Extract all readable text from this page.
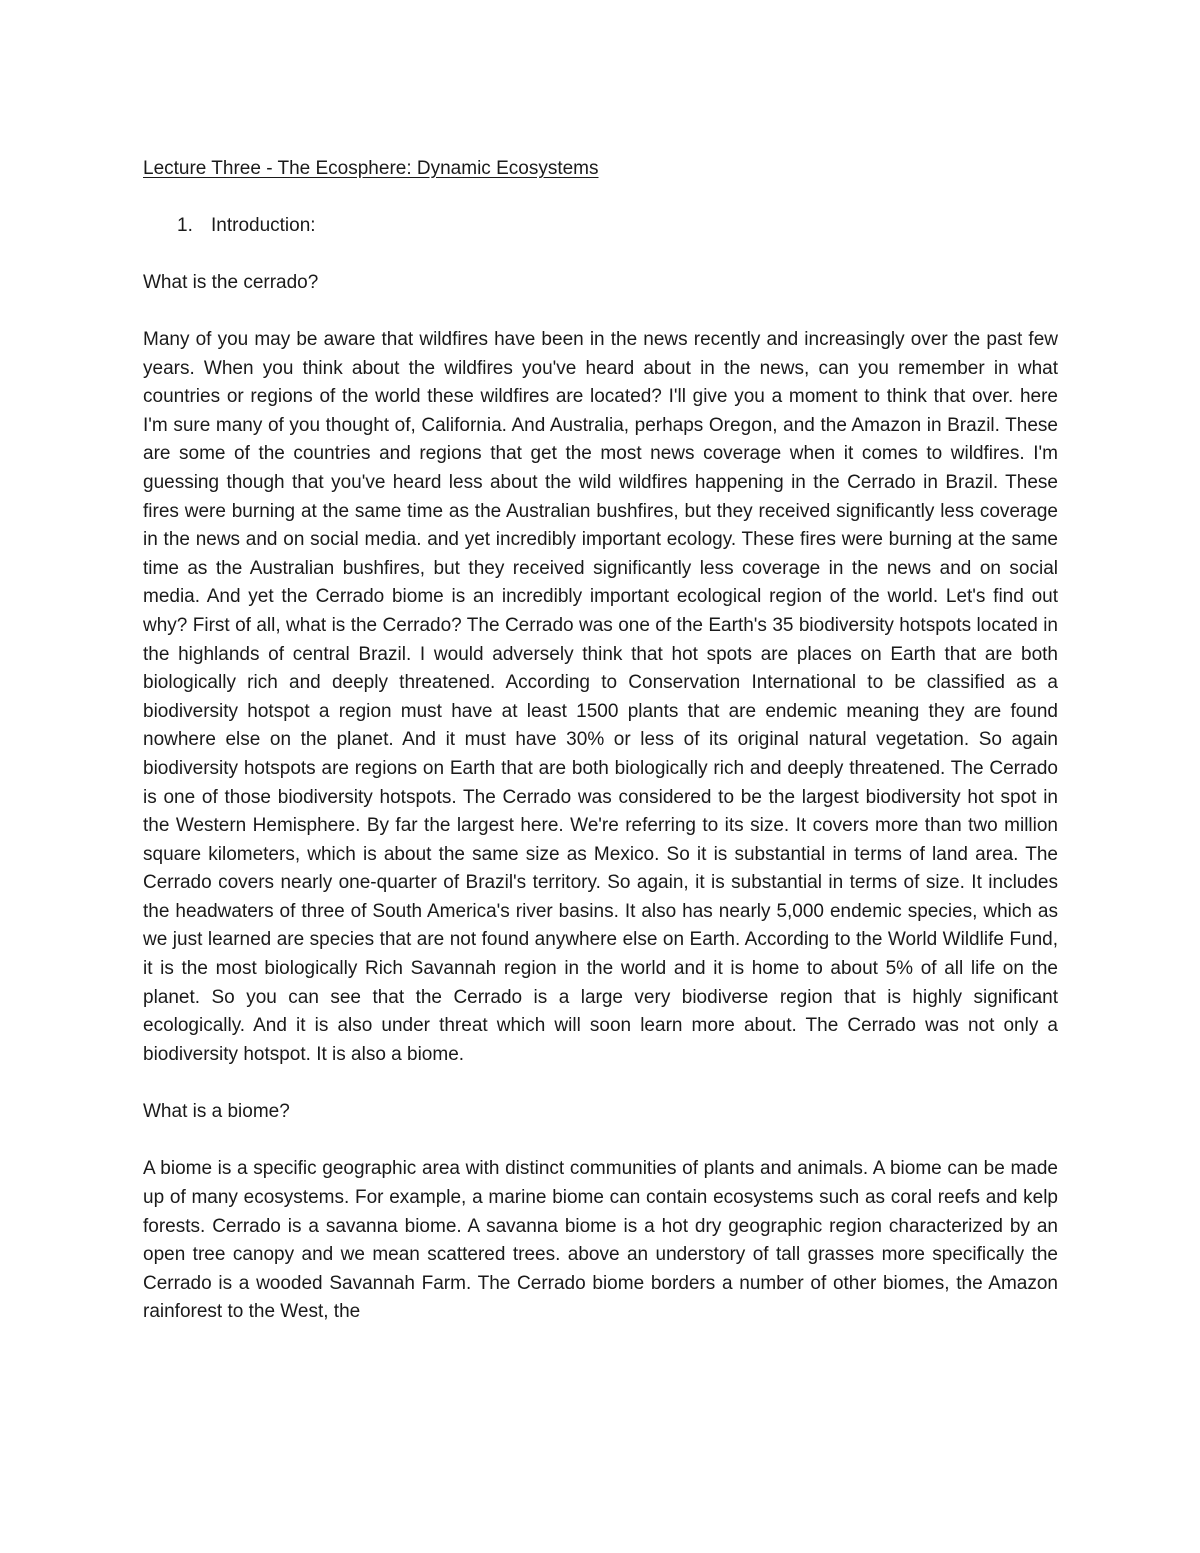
Lecture Three - The Ecosphere: Dynamic Ecosystems
1. Introduction:
What is the cerrado?

Many of you may be aware that wildfires have been in the news recently and increasingly over the past few years. When you think about the wildfires you've heard about in the news, can you remember in what countries or regions of the world these wildfires are located? I'll give you a moment to think that over. here I'm sure many of you thought of, California. And Australia, perhaps Oregon, and the Amazon in Brazil. These are some of the countries and regions that get the most news coverage when it comes to wildfires. I'm guessing though that you've heard less about the wild wildfires happening in the Cerrado in Brazil. These fires were burning at the same time as the Australian bushfires, but they received significantly less coverage in the news and on social media. and yet incredibly important ecology. These fires were burning at the same time as the Australian bushfires, but they received significantly less coverage in the news and on social media. And yet the Cerrado biome is an incredibly important ecological region of the world. Let's find out why? First of all, what is the Cerrado? The Cerrado was one of the Earth's 35 biodiversity hotspots located in the highlands of central Brazil. I would adversely think that hot spots are places on Earth that are both biologically rich and deeply threatened. According to Conservation International to be classified as a biodiversity hotspot a region must have at least 1500 plants that are endemic meaning they are found nowhere else on the planet. And it must have 30% or less of its original natural vegetation. So again biodiversity hotspots are regions on Earth that are both biologically rich and deeply threatened. The Cerrado is one of those biodiversity hotspots. The Cerrado was considered to be the largest biodiversity hot spot in the Western Hemisphere. By far the largest here. We're referring to its size. It covers more than two million square kilometers, which is about the same size as Mexico. So it is substantial in terms of land area. The Cerrado covers nearly one-quarter of Brazil's territory. So again, it is substantial in terms of size. It includes the headwaters of three of South America's river basins. It also has nearly 5,000 endemic species, which as we just learned are species that are not found anywhere else on Earth. According to the World Wildlife Fund, it is the most biologically Rich Savannah region in the world and it is home to about 5% of all life on the planet. So you can see that the Cerrado is a large very biodiverse region that is highly significant ecologically. And it is also under threat which will soon learn more about. The Cerrado was not only a biodiversity hotspot. It is also a biome.

What is a biome?

A biome is a specific geographic area with distinct communities of plants and animals. A biome can be made up of many ecosystems. For example, a marine biome can contain ecosystems such as coral reefs and kelp forests. Cerrado is a savanna biome. A savanna biome is a hot dry geographic region characterized by an open tree canopy and we mean scattered trees. above an understory of tall grasses more specifically the Cerrado is a wooded Savannah Farm. The Cerrado biome borders a number of other biomes, the Amazon rainforest to the West, the
